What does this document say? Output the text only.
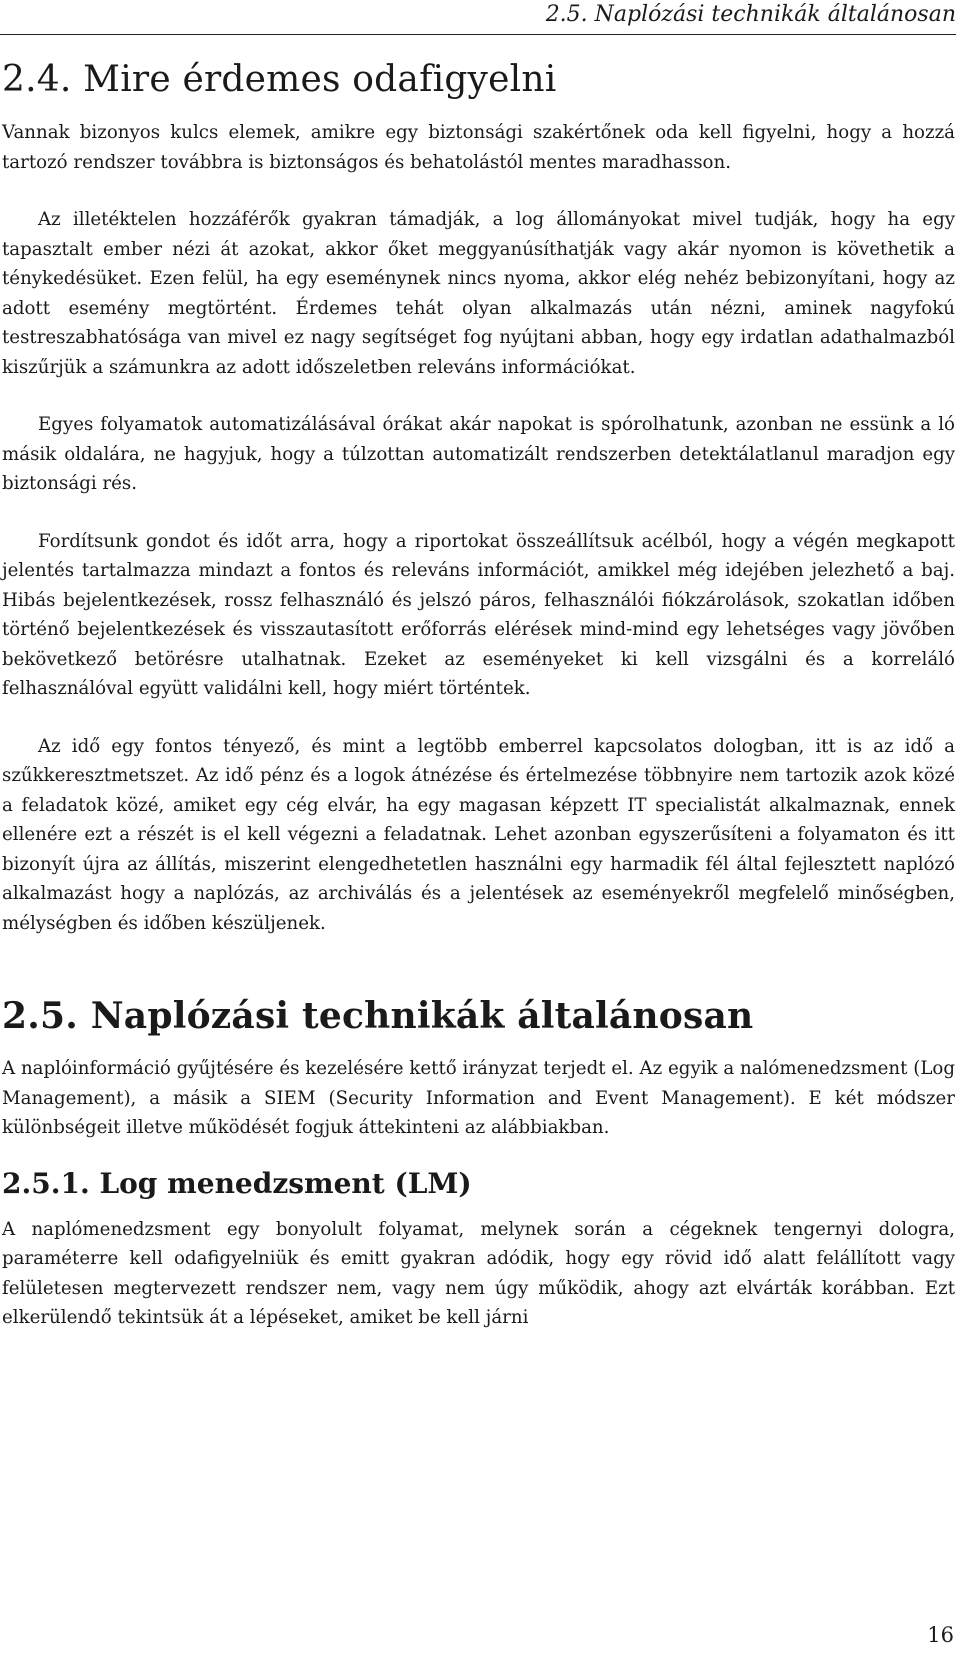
2.5. Naplózási technikák általánosan
2.4. Mire érdemes odafigyelni

Vannak bizonyos kulcs elemek, amikre egy biztonsági szakértőnek oda kell figyelni, hogy a hozzá tartozó rendszer továbbra is biztonságos és behatolástól mentes maradhasson.

Az illetéktelen hozzáférők gyakran támadják, a log állományokat mivel tudják, hogy ha egy tapasztalt ember nézi át azokat, akkor őket meggyanúsíthatják vagy akár nyomon is követhetik a ténykedésüket. Ezen felül, ha egy eseménynek nincs nyoma, akkor elég nehéz bebizonyítani, hogy az adott esemény megtörtént. Érdemes tehát olyan alkalmazás után nézni, aminek nagyfokú testreszabhatósága van mivel ez nagy segítséget fog nyújtani abban, hogy egy irdatlan adathalmazból kiszűrjük a számunkra az adott időszeletben releváns információkat.

Egyes folyamatok automatizálásával órákat akár napokat is spórolhatunk, azonban ne essünk a ló másik oldalára, ne hagyjuk, hogy a túlzottan automatizált rendszerben detektálatlanul maradjon egy biztonsági rés.

Fordítsunk gondot és időt arra, hogy a riportokat összeállítsuk acélból, hogy a végén megkapott jelentés tartalmazza mindazt a fontos és releváns információt, amikkel még idejében jelezhető a baj. Hibás bejelentkezések, rossz felhasználó és jelszó páros, felhasználói fiókzárolások, szokatlan időben történő bejelentkezések és visszautasított erőforrás elérések mind-mind egy lehetséges vagy jövőben bekövetkező betörésre utalhatnak. Ezeket az eseményeket ki kell vizsgálni és a korreláló felhasználóval együtt validálni kell, hogy miért történtek.

Az idő egy fontos tényező, és mint a legtöbb emberrel kapcsolatos dologban, itt is az idő a szűkkeresztmetszet. Az idő pénz és a logok átnézése és értelmezése többnyire nem tartozik azok közé a feladatok közé, amiket egy cég elvár, ha egy magasan képzett IT specialistát alkalmaznak, ennek ellenére ezt a részét is el kell végezni a feladatnak. Lehet azonban egyszerűsíteni a folyamaton és itt bizonyít újra az állítás, miszerint elengedhetetlen használni egy harmadik fél által fejlesztett naplózó alkalmazást hogy a naplózás, az archiválás és a jelentések az eseményekről megfelelő minőségben, mélységben és időben készüljenek.

2.5. Naplózási technikák általánosan

A naplóinformáció gyűjtésére és kezelésére kettő irányzat terjedt el. Az egyik a nalómenedzsment (Log Management), a másik a SIEM (Security Information and Event Management). E két módszer különbségeit illetve működését fogjuk áttekinteni az alábbiakban.

2.5.1. Log menedzsment (LM)

A naplómenedzsment egy bonyolult folyamat, melynek során a cégeknek tengernyi dologra, paraméterre kell odafigyelniük és emitt gyakran adódik, hogy egy rövid idő alatt felállított vagy felületesen megtervezett rendszer nem, vagy nem úgy működik, ahogy azt elvárták korábban. Ezt elkerülendő tekintsük át a lépéseket, amiket be kell járni

16
